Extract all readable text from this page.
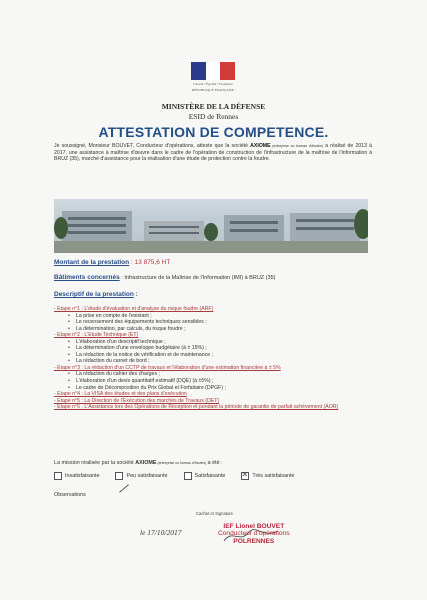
Liberté • Égalité • Fraternité
RÉPUBLIQUE FRANÇAISE
MINISTÈRE DE LA DÉFENSE
ESID de Rennes
ATTESTATION DE COMPETENCE.
Je soussigné, Monsieur BOUVET, Conducteur d'opérations, atteste que la société AXIOME (entreprise ou bureau d'études) a réalisé de 2013 à 2017, une assistance à maîtrise d'œuvre dans le cadre de l'opération de construction de l'infrastructure de la maîtrise de l'information à BRUZ (35), marché d'assistance pour la réalisation d'une étude de protection contre la foudre.
Montant de la prestation : 13 875,6 HT
Bâtiments concernés : Infrastructure de la Maîtrise de l'Information (IMI) à BRUZ (35)
Descriptif de la prestation :
- Etape n°1 : L'étude d'évaluation et d'analyse du risque foudre (ARF)
• La prise en compte de l'existant ;
• Le recensement des équipements techniques sensibles ;
• La détermination, par calculs, du risque foudre ;
- Etape n°2 : L'Etude Technique (ET)
• L'élaboration d'un descriptif technique ;
• La détermination d'une enveloppe budgétaire (à ± 15%) ;
• La rédaction de la notice de vérification et de maintenance ;
• La rédaction du carnet de bord ;
- Etape n°3 : La rédaction d'un CCTP de travaux et l'élaboration d'une estimation financière à ± 5%
• La rédaction du cahier des charges ;
• L'élaboration d'un devis quantitatif estimatif (DQE) (à ±5%) ;
• Le cadre de Décomposition du Prix Global et Forfaitaire (DPGF) ;
- Etape n°4 : La VISA des études et des plans d'exécution
- Etape n°5 : La Direction de l'Exécution des marchés de Travaux (DET)
- Etape n°6 : L'Assistance lors des Opérations de Réception et pendant la période de garantie de parfait achèvement (AOR)
La mission réalisée par la société AXIOME (entreprise ou bureau d'études) a été :
Insatisfaisante	Peu satisfaisante	Satisfaisante
✕	Très satisfaisante
Observations
Cachet et Signature
le 17/10/2017
IEF Lionel BOUVET
Conducteur d'opérations
POLRENNES
